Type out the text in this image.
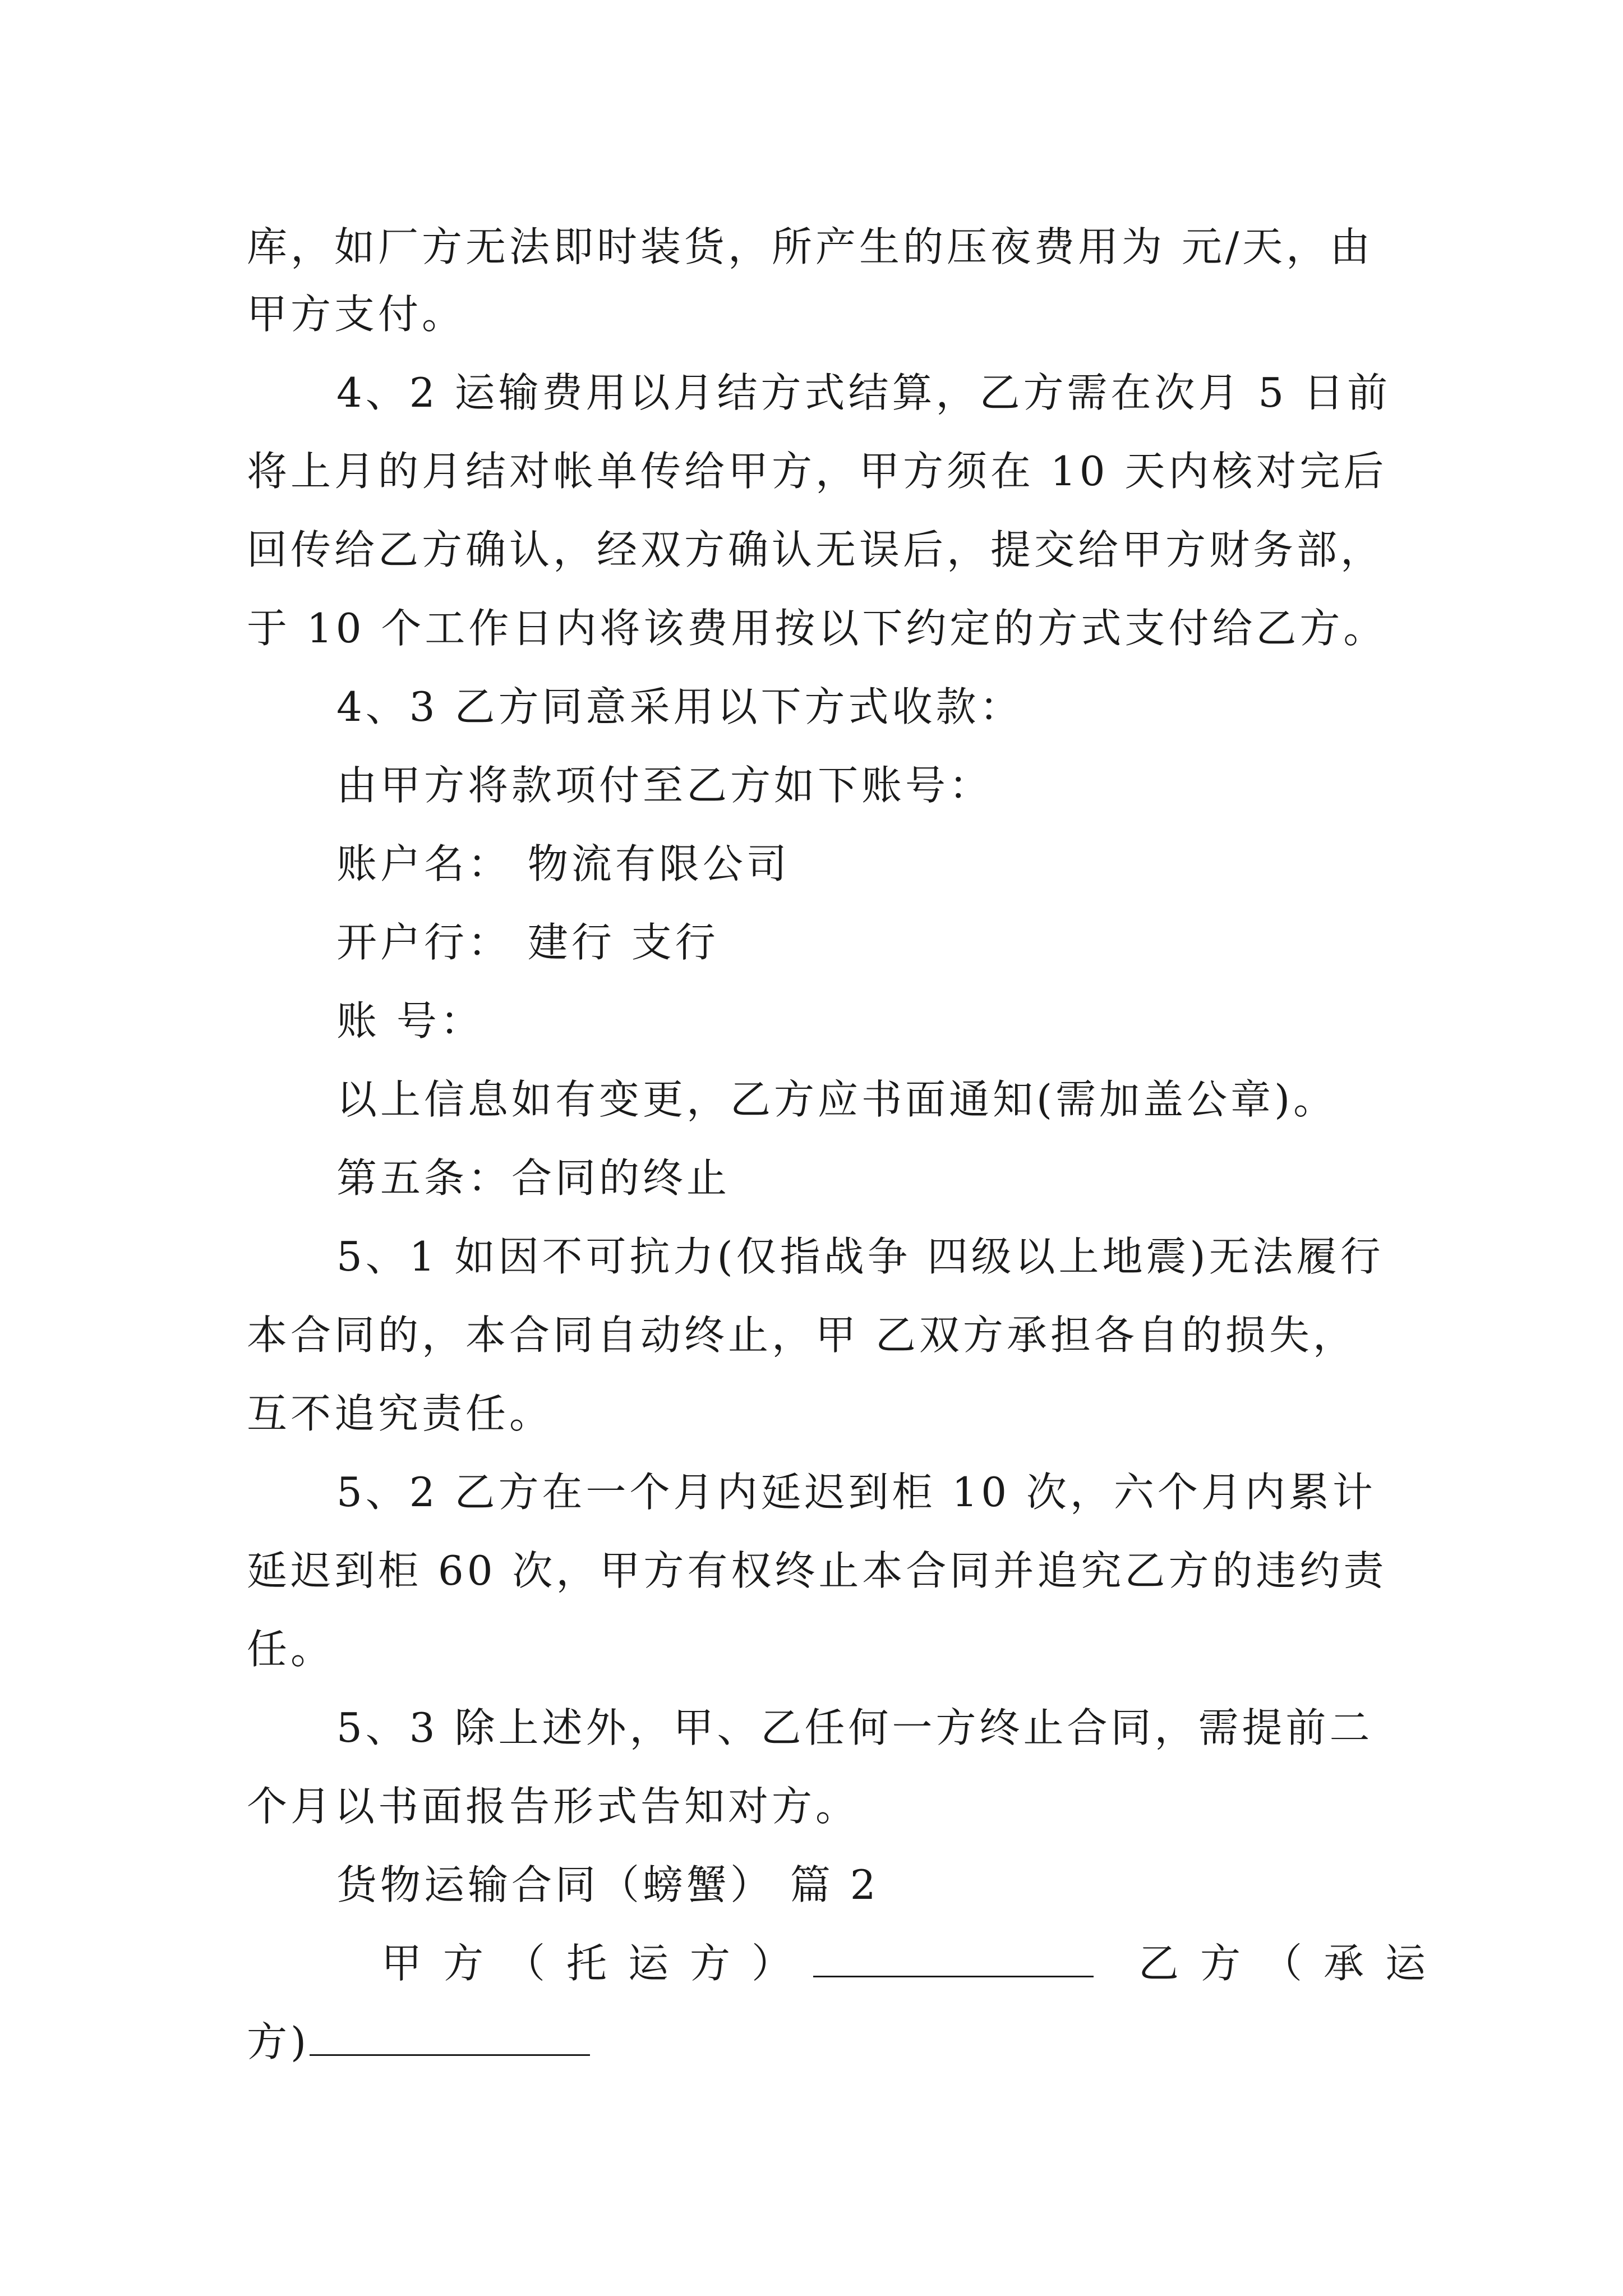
库，如厂方无法即时装货，所产生的压夜费用为 元/天，由
甲方支付。
4、2 运输费用以月结方式结算，乙方需在次月 5 日前
将上月的月结对帐单传给甲方，甲方须在 10 天内核对完后
回传给乙方确认，经双方确认无误后，提交给甲方财务部，
于 10 个工作日内将该费用按以下约定的方式支付给乙方。
4、3 乙方同意采用以下方式收款：
由甲方将款项付至乙方如下账号：
账户名： 物流有限公司
开户行： 建行 支行
账 号：
以上信息如有变更，乙方应书面通知(需加盖公章)。
第五条：合同的终止
5、1 如因不可抗力(仅指战争 四级以上地震)无法履行
本合同的，本合同自动终止，甲 乙双方承担各自的损失，
互不追究责任。
5、2 乙方在一个月内延迟到柜 10 次，六个月内累计
延迟到柜 60 次，甲方有权终止本合同并追究乙方的违约责
任。
5、3 除上述外，甲、乙任何一方终止合同，需提前二
个月以书面报告形式告知对方。
货物运输合同（螃蟹） 篇 2
甲方（托运方）	乙方（承运
方)
